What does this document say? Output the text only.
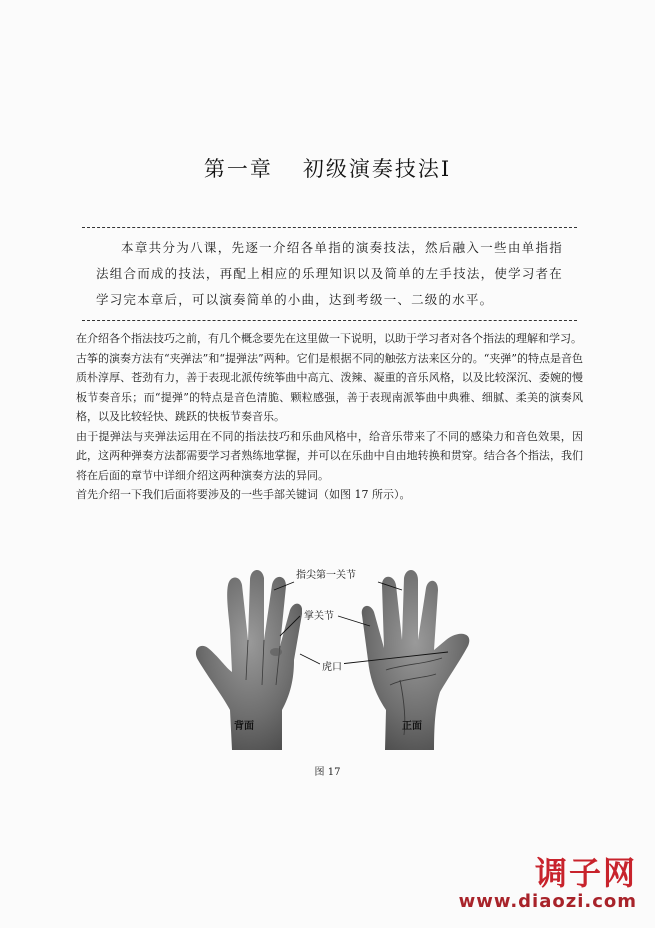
第一章 初级演奏技法Ⅰ
本章共分为八课，先逐一介绍各单指的演奏技法，然后融入一些由单指指法组合而成的技法，再配上相应的乐理知识以及简单的左手技法，使学习者在学习完本章后，可以演奏简单的小曲，达到考级一、二级的水平。

在介绍各个指法技巧之前，有几个概念要先在这里做一下说明，以助于学习者对各个指法的理解和学习。

古筝的演奏方法有“夹弹法”和“提弹法”两种。它们是根据不同的触弦方法来区分的。“夹弹”的特点是音色质朴淳厚、苍劲有力，善于表现北派传统筝曲中高亢、泼辣、凝重的音乐风格，以及比较深沉、委婉的慢板节奏音乐；而“提弹”的特点是音色清脆、颗粒感强，善于表现南派筝曲中典雅、细腻、柔美的演奏风格，以及比较轻快、跳跃的快板节奏音乐。

由于提弹法与夹弹法运用在不同的指法技巧和乐曲风格中，给音乐带来了不同的感染力和音色效果，因此，这两种弹奏方法都需要学习者熟练地掌握，并可以在乐曲中自由地转换和贯穿。结合各个指法，我们将在后面的章节中详细介绍这两种演奏方法的异同。

首先介绍一下我们后面将要涉及的一些手部关键词（如图 17 所示）。

指尖第一关节
掌关节
虎口
背面	正面
图 17
调子网
www.diaozi.com
